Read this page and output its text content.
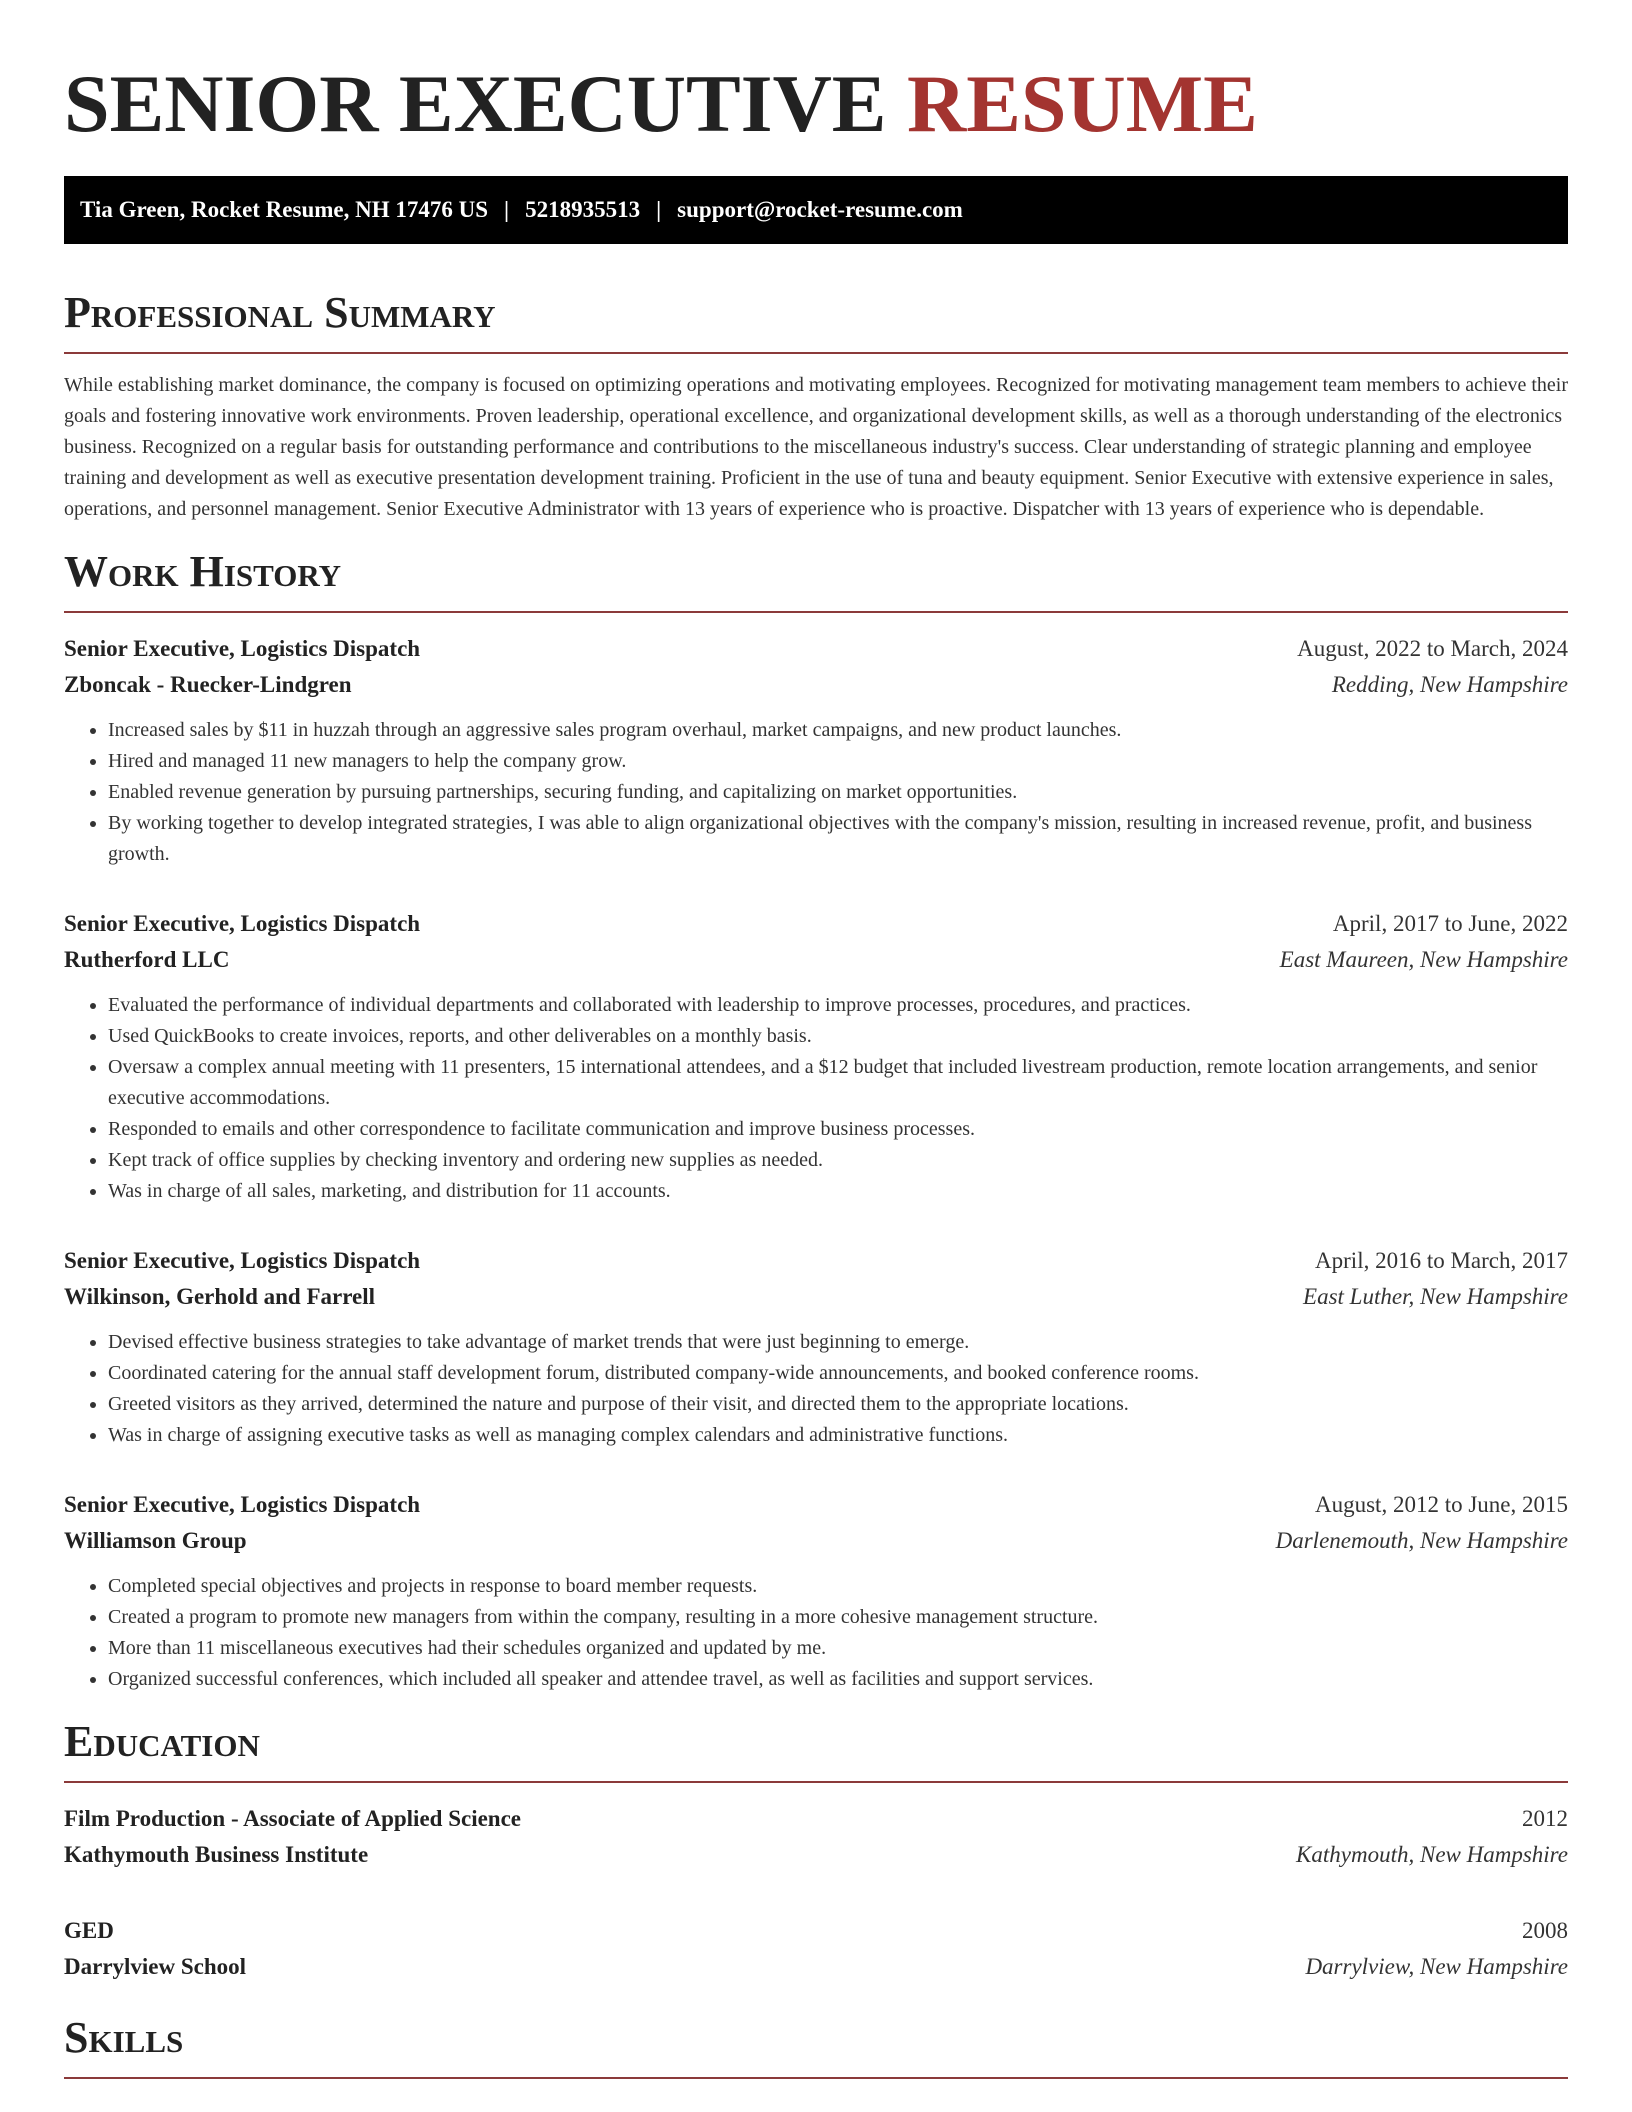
SENIOR EXECUTIVE RESUME
Tia Green, Rocket Resume, NH 17476 US | 5218935513 | support@rocket-resume.com
Professional Summary

While establishing market dominance, the company is focused on optimizing operations and motivating employees. Recognized for motivating management team members to achieve their goals and fostering innovative work environments. Proven leadership, operational excellence, and organizational development skills, as well as a thorough understanding of the electronics business. Recognized on a regular basis for outstanding performance and contributions to the miscellaneous industry's success. Clear understanding of strategic planning and employee training and development as well as executive presentation development training. Proficient in the use of tuna and beauty equipment. Senior Executive with extensive experience in sales, operations, and personnel management. Senior Executive Administrator with 13 years of experience who is proactive. Dispatcher with 13 years of experience who is dependable.

Work History
Senior Executive, Logistics Dispatch	August, 2022 to March, 2024
Zboncak - Ruecker-Lindgren	Redding, New Hampshire
• Increased sales by $11 in huzzah through an aggressive sales program overhaul, market campaigns, and new product launches.
• Hired and managed 11 new managers to help the company grow.
• Enabled revenue generation by pursuing partnerships, securing funding, and capitalizing on market opportunities.
• By working together to develop integrated strategies, I was able to align organizational objectives with the company's mission, resulting in increased revenue, profit, and business growth.
Senior Executive, Logistics Dispatch	April, 2017 to June, 2022
Rutherford LLC	East Maureen, New Hampshire
• Evaluated the performance of individual departments and collaborated with leadership to improve processes, procedures, and practices.
• Used QuickBooks to create invoices, reports, and other deliverables on a monthly basis.
• Oversaw a complex annual meeting with 11 presenters, 15 international attendees, and a $12 budget that included livestream production, remote location arrangements, and senior executive accommodations.
• Responded to emails and other correspondence to facilitate communication and improve business processes.
• Kept track of office supplies by checking inventory and ordering new supplies as needed.
• Was in charge of all sales, marketing, and distribution for 11 accounts.
Senior Executive, Logistics Dispatch	April, 2016 to March, 2017
Wilkinson, Gerhold and Farrell	East Luther, New Hampshire
• Devised effective business strategies to take advantage of market trends that were just beginning to emerge.
• Coordinated catering for the annual staff development forum, distributed company-wide announcements, and booked conference rooms.
• Greeted visitors as they arrived, determined the nature and purpose of their visit, and directed them to the appropriate locations.
• Was in charge of assigning executive tasks as well as managing complex calendars and administrative functions.
Senior Executive, Logistics Dispatch	August, 2012 to June, 2015
Williamson Group	Darlenemouth, New Hampshire
• Completed special objectives and projects in response to board member requests.
• Created a program to promote new managers from within the company, resulting in a more cohesive management structure.
• More than 11 miscellaneous executives had their schedules organized and updated by me.
• Organized successful conferences, which included all speaker and attendee travel, as well as facilities and support services.
Education
Film Production - Associate of Applied Science	2012
Kathymouth Business Institute	Kathymouth, New Hampshire
GED	2008
Darrylview School	Darrylview, New Hampshire
Skills
